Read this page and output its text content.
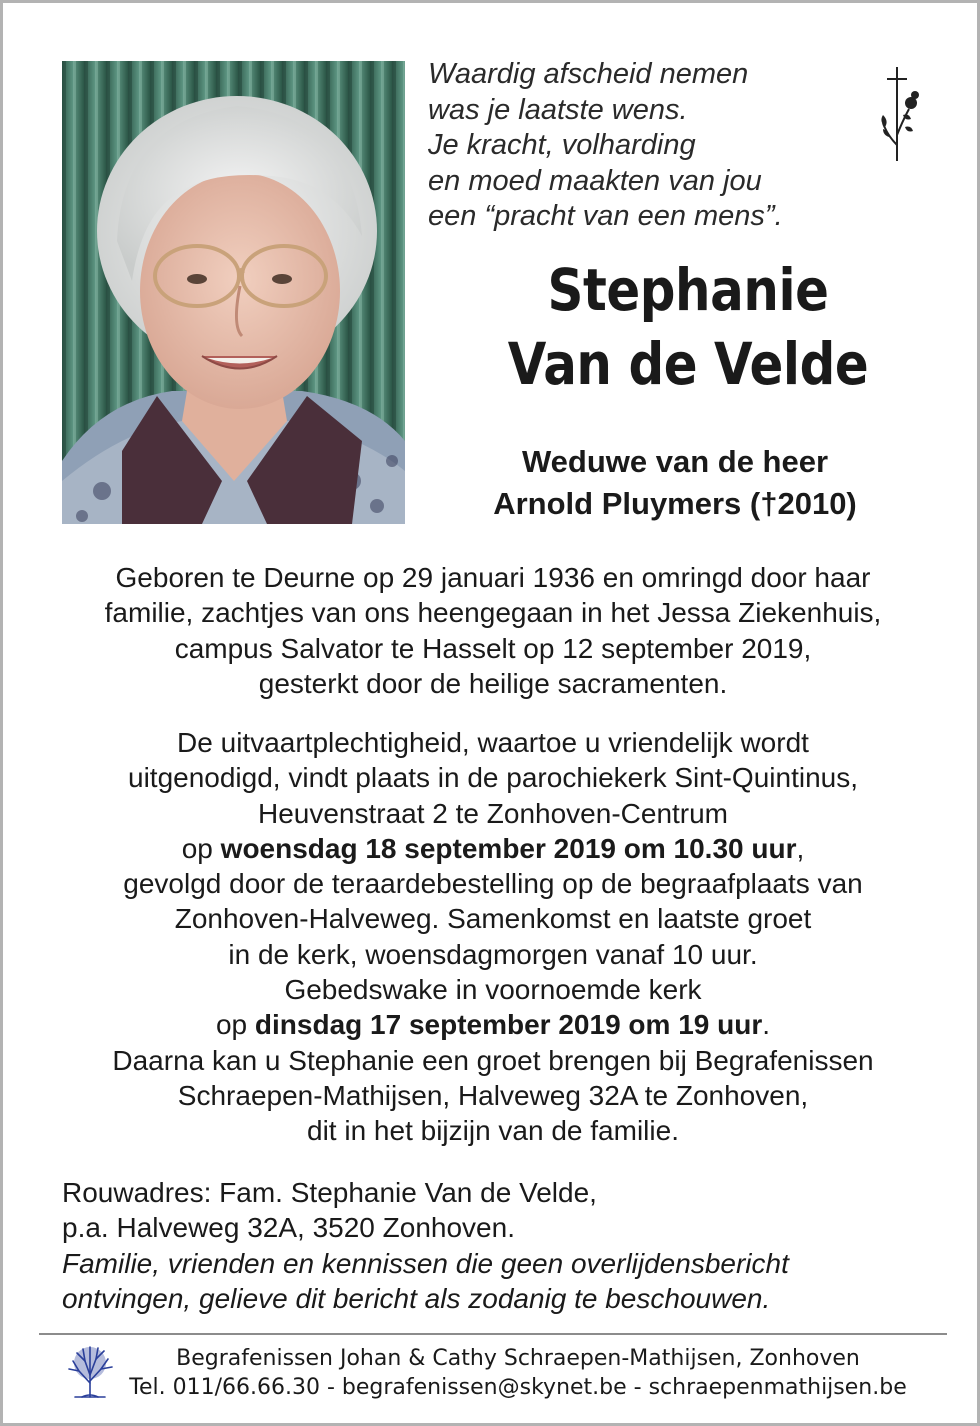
Waardig afscheid nemen
was je laatste wens.
Je kracht, volharding
en moed maakten van jou
een “pracht van een mens”.
Stephanie
Van de Velde
Weduwe van de heer
Arnold Pluymers (†2010)
Geboren te Deurne op 29 januari 1936 en omringd door haar
familie, zachtjes van ons heengegaan in het Jessa Ziekenhuis,
campus Salvator te Hasselt op 12 september 2019,
gesterkt door de heilige sacramenten.
De uitvaartplechtigheid, waartoe u vriendelijk wordt
uitgenodigd, vindt plaats in de parochiekerk Sint-Quintinus,
Heuvenstraat 2 te Zonhoven-Centrum
op woensdag 18 september 2019 om 10.30 uur,
gevolgd door de teraardebestelling op de begraafplaats van
Zonhoven-Halveweg. Samenkomst en laatste groet
in de kerk, woensdagmorgen vanaf 10 uur.
Gebedswake in voornoemde kerk
op dinsdag 17 september 2019 om 19 uur.
Daarna kan u Stephanie een groet brengen bij Begrafenissen
Schraepen-Mathijsen, Halveweg 32A te Zonhoven,
dit in het bijzijn van de familie.
Rouwadres: Fam. Stephanie Van de Velde,
p.a. Halveweg 32A, 3520 Zonhoven.
Familie, vrienden en kennissen die geen overlijdensbericht
ontvingen, gelieve dit bericht als zodanig te beschouwen.
Begrafenissen Johan & Cathy Schraepen-Mathijsen, Zonhoven
Tel. 011/66.66.30 - begrafenissen@skynet.be - schraepenmathijsen.be
